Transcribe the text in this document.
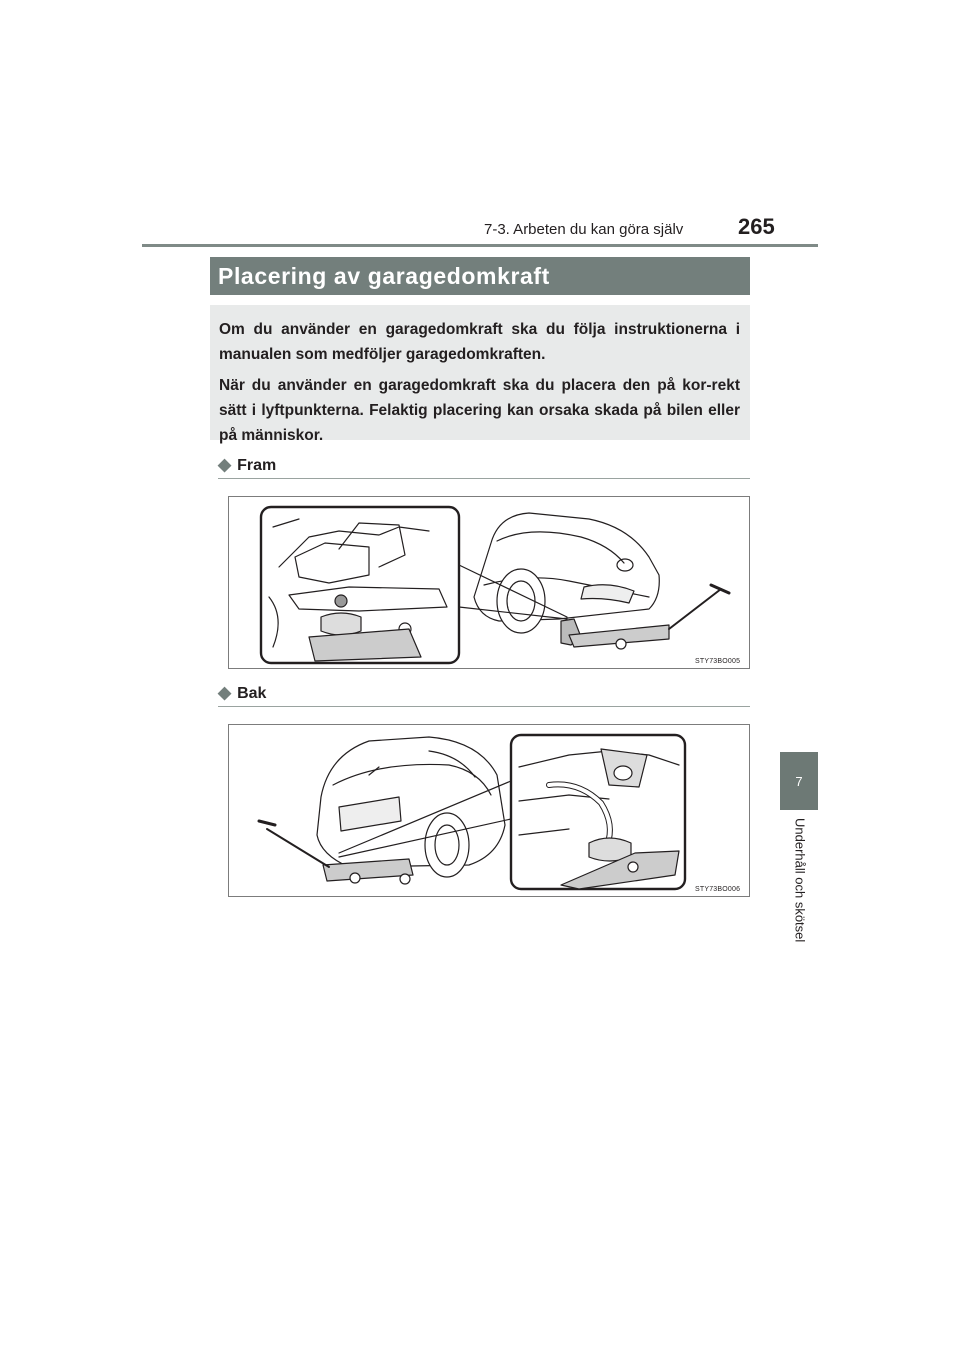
7-3. Arbeten du kan göra själv 265
7
Underhåll och skötsel
Placering av garagedomkraft

Om du använder en garagedomkraft ska du följa instruktionerna i manualen som medföljer garagedomkraften.

När du använder en garagedomkraft ska du placera den på kor-rekt sätt i lyftpunkterna. Felaktig placering kan orsaka skada på bilen eller på människor.

◆ Fram
STY73BO005
◆ Bak
STY73BO006
